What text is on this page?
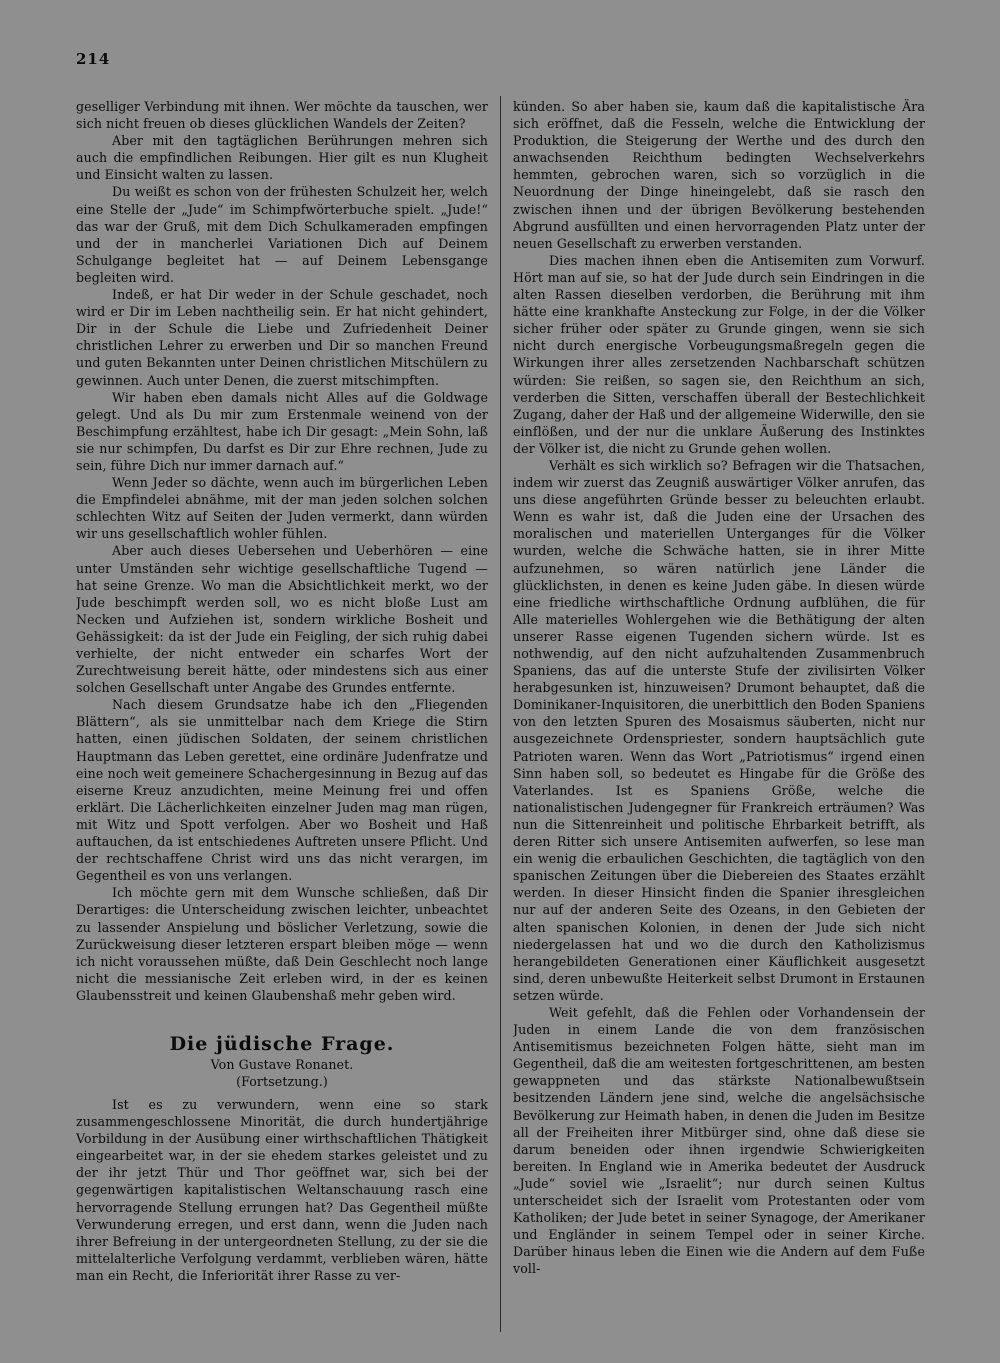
214

geselliger Verbindung mit ihnen. Wer möchte da tauschen, wer sich nicht freuen ob dieses glücklichen Wandels der Zeiten?

Aber mit den tagtäglichen Berührungen mehren sich auch die empfindlichen Reibungen. Hier gilt es nun Klugheit und Einsicht walten zu lassen.

Du weißt es schon von der frühesten Schulzeit her, welch eine Stelle der „Jude“ im Schimpfwörterbuche spielt. „Jude!“ das war der Gruß, mit dem Dich Schulkameraden empfingen und der in mancherlei Variationen Dich auf Deinem Schulgange begleitet hat — auf Deinem Lebensgange begleiten wird.

Indeß, er hat Dir weder in der Schule geschadet, noch wird er Dir im Leben nachtheilig sein. Er hat nicht gehindert, Dir in der Schule die Liebe und Zufriedenheit Deiner christlichen Lehrer zu erwerben und Dir so manchen Freund und guten Bekannten unter Deinen christlichen Mitschülern zu gewinnen. Auch unter Denen, die zuerst mitschimpften.

Wir haben eben damals nicht Alles auf die Goldwage gelegt. Und als Du mir zum Erstenmale weinend von der Beschimpfung erzähltest, habe ich Dir gesagt: „Mein Sohn, laß sie nur schimpfen, Du darfst es Dir zur Ehre rechnen, Jude zu sein, führe Dich nur immer darnach auf.“

Wenn Jeder so dächte, wenn auch im bürgerlichen Leben die Empfindelei abnähme, mit der man jeden solchen solchen schlechten Witz auf Seiten der Juden vermerkt, dann würden wir uns gesellschaftlich wohler fühlen.

Aber auch dieses Uebersehen und Ueberhören — eine unter Umständen sehr wichtige gesellschaftliche Tugend — hat seine Grenze. Wo man die Absichtlichkeit merkt, wo der Jude beschimpft werden soll, wo es nicht bloße Lust am Necken und Aufziehen ist, sondern wirkliche Bosheit und Gehässigkeit: da ist der Jude ein Feigling, der sich ruhig dabei verhielte, der nicht entweder ein scharfes Wort der Zurechtweisung bereit hätte, oder mindestens sich aus einer solchen Gesellschaft unter Angabe des Grundes entfernte.

Nach diesem Grundsatze habe ich den „Fliegenden Blättern“, als sie unmittelbar nach dem Kriege die Stirn hatten, einen jüdischen Soldaten, der seinem christlichen Hauptmann das Leben gerettet, eine ordinäre Judenfratze und eine noch weit gemeinere Schachergesinnung in Bezug auf das eiserne Kreuz anzudichten, meine Meinung frei und offen erklärt. Die Lächerlichkeiten einzelner Juden mag man rügen, mit Witz und Spott verfolgen. Aber wo Bosheit und Haß auftauchen, da ist entschiedenes Auftreten unsere Pflicht. Und der rechtschaffene Christ wird uns das nicht verargen, im Gegentheil es von uns verlangen.

Ich möchte gern mit dem Wunsche schließen, daß Dir Derartiges: die Unterscheidung zwischen leichter, unbeachtet zu lassender Anspielung und böslicher Verletzung, sowie die Zurückweisung dieser letzteren erspart bleiben möge — wenn ich nicht voraussehen müßte, daß Dein Geschlecht noch lange nicht die messianische Zeit erleben wird, in der es keinen Glaubensstreit und keinen Glaubenshaß mehr geben wird.

Die jüdische Frage.
Von Gustave Ronanet.
(Fortsetzung.)

Ist es zu verwundern, wenn eine so stark zusammengeschlossene Minorität, die durch hundertjährige Vorbildung in der Ausübung einer wirthschaftlichen Thätigkeit eingearbeitet war, in der sie ehedem starkes geleistet und zu der ihr jetzt Thür und Thor geöffnet war, sich bei der gegenwärtigen kapitalistischen Weltanschauung rasch eine hervorragende Stellung errungen hat? Das Gegentheil müßte Verwunderung erregen, und erst dann, wenn die Juden nach ihrer Befreiung in der untergeordneten Stellung, zu der sie die mittelalterliche Verfolgung verdammt, verblieben wären, hätte man ein Recht, die Inferiorität ihrer Rasse zu ver-

künden. So aber haben sie, kaum daß die kapitalistische Ära sich eröffnet, daß die Fesseln, welche die Entwicklung der Produktion, die Steigerung der Werthe und des durch den anwachsenden Reichthum bedingten Wechselverkehrs hemmten, gebrochen waren, sich so vorzüglich in die Neuordnung der Dinge hineingelebt, daß sie rasch den zwischen ihnen und der übrigen Bevölkerung bestehenden Abgrund ausfüllten und einen hervorragenden Platz unter der neuen Gesellschaft zu erwerben verstanden.

Dies machen ihnen eben die Antisemiten zum Vorwurf. Hört man auf sie, so hat der Jude durch sein Eindringen in die alten Rassen dieselben verdorben, die Berührung mit ihm hätte eine krankhafte Ansteckung zur Folge, in der die Völker sicher früher oder später zu Grunde gingen, wenn sie sich nicht durch energische Vorbeugungsmaßregeln gegen die Wirkungen ihrer alles zersetzenden Nachbarschaft schützen würden: Sie reißen, so sagen sie, den Reichthum an sich, verderben die Sitten, verschaffen überall der Bestechlichkeit Zugang, daher der Haß und der allgemeine Widerwille, den sie einflößen, und der nur die unklare Äußerung des Instinktes der Völker ist, die nicht zu Grunde gehen wollen.

Verhält es sich wirklich so? Befragen wir die Thatsachen, indem wir zuerst das Zeugniß auswärtiger Völker anrufen, das uns diese angeführten Gründe besser zu beleuchten erlaubt. Wenn es wahr ist, daß die Juden eine der Ursachen des moralischen und materiellen Unterganges für die Völker wurden, welche die Schwäche hatten, sie in ihrer Mitte aufzunehmen, so wären natürlich jene Länder die glücklichsten, in denen es keine Juden gäbe. In diesen würde eine friedliche wirthschaftliche Ordnung aufblühen, die für Alle materielles Wohlergehen wie die Bethätigung der alten unserer Rasse eigenen Tugenden sichern würde. Ist es nothwendig, auf den nicht aufzuhaltenden Zusammenbruch Spaniens, das auf die unterste Stufe der zivilisirten Völker herabgesunken ist, hinzuweisen? Drumont behauptet, daß die Dominikaner-Inquisitoren, die unerbittlich den Boden Spaniens von den letzten Spuren des Mosaismus säuberten, nicht nur ausgezeichnete Ordenspriester, sondern hauptsächlich gute Patrioten waren. Wenn das Wort „Patriotismus“ irgend einen Sinn haben soll, so bedeutet es Hingabe für die Größe des Vaterlandes. Ist es Spaniens Größe, welche die nationalistischen Judengegner für Frankreich erträumen? Was nun die Sittenreinheit und politische Ehrbarkeit betrifft, als deren Ritter sich unsere Antisemiten aufwerfen, so lese man ein wenig die erbaulichen Geschichten, die tagtäglich von den spanischen Zeitungen über die Diebereien des Staates erzählt werden. In dieser Hinsicht finden die Spanier ihresgleichen nur auf der anderen Seite des Ozeans, in den Gebieten der alten spanischen Kolonien, in denen der Jude sich nicht niedergelassen hat und wo die durch den Katholizismus herangebildeten Generationen einer Käuflichkeit ausgesetzt sind, deren unbewußte Heiterkeit selbst Drumont in Erstaunen setzen würde.

Weit gefehlt, daß die Fehlen oder Vorhandensein der Juden in einem Lande die von dem französischen Antisemitismus bezeichneten Folgen hätte, sieht man im Gegentheil, daß die am weitesten fortgeschrittenen, am besten gewappneten und das stärkste Nationalbewußtsein besitzenden Ländern jene sind, welche die angelsächsische Bevölkerung zur Heimath haben, in denen die Juden im Besitze all der Freiheiten ihrer Mitbürger sind, ohne daß diese sie darum beneiden oder ihnen irgendwie Schwierigkeiten bereiten. In England wie in Amerika bedeutet der Ausdruck „Jude“ soviel wie „Israelit“; nur durch seinen Kultus unterscheidet sich der Israelit vom Protestanten oder vom Katholiken; der Jude betet in seiner Synagoge, der Amerikaner und Engländer in seinem Tempel oder in seiner Kirche. Darüber hinaus leben die Einen wie die Andern auf dem Fuße voll-
